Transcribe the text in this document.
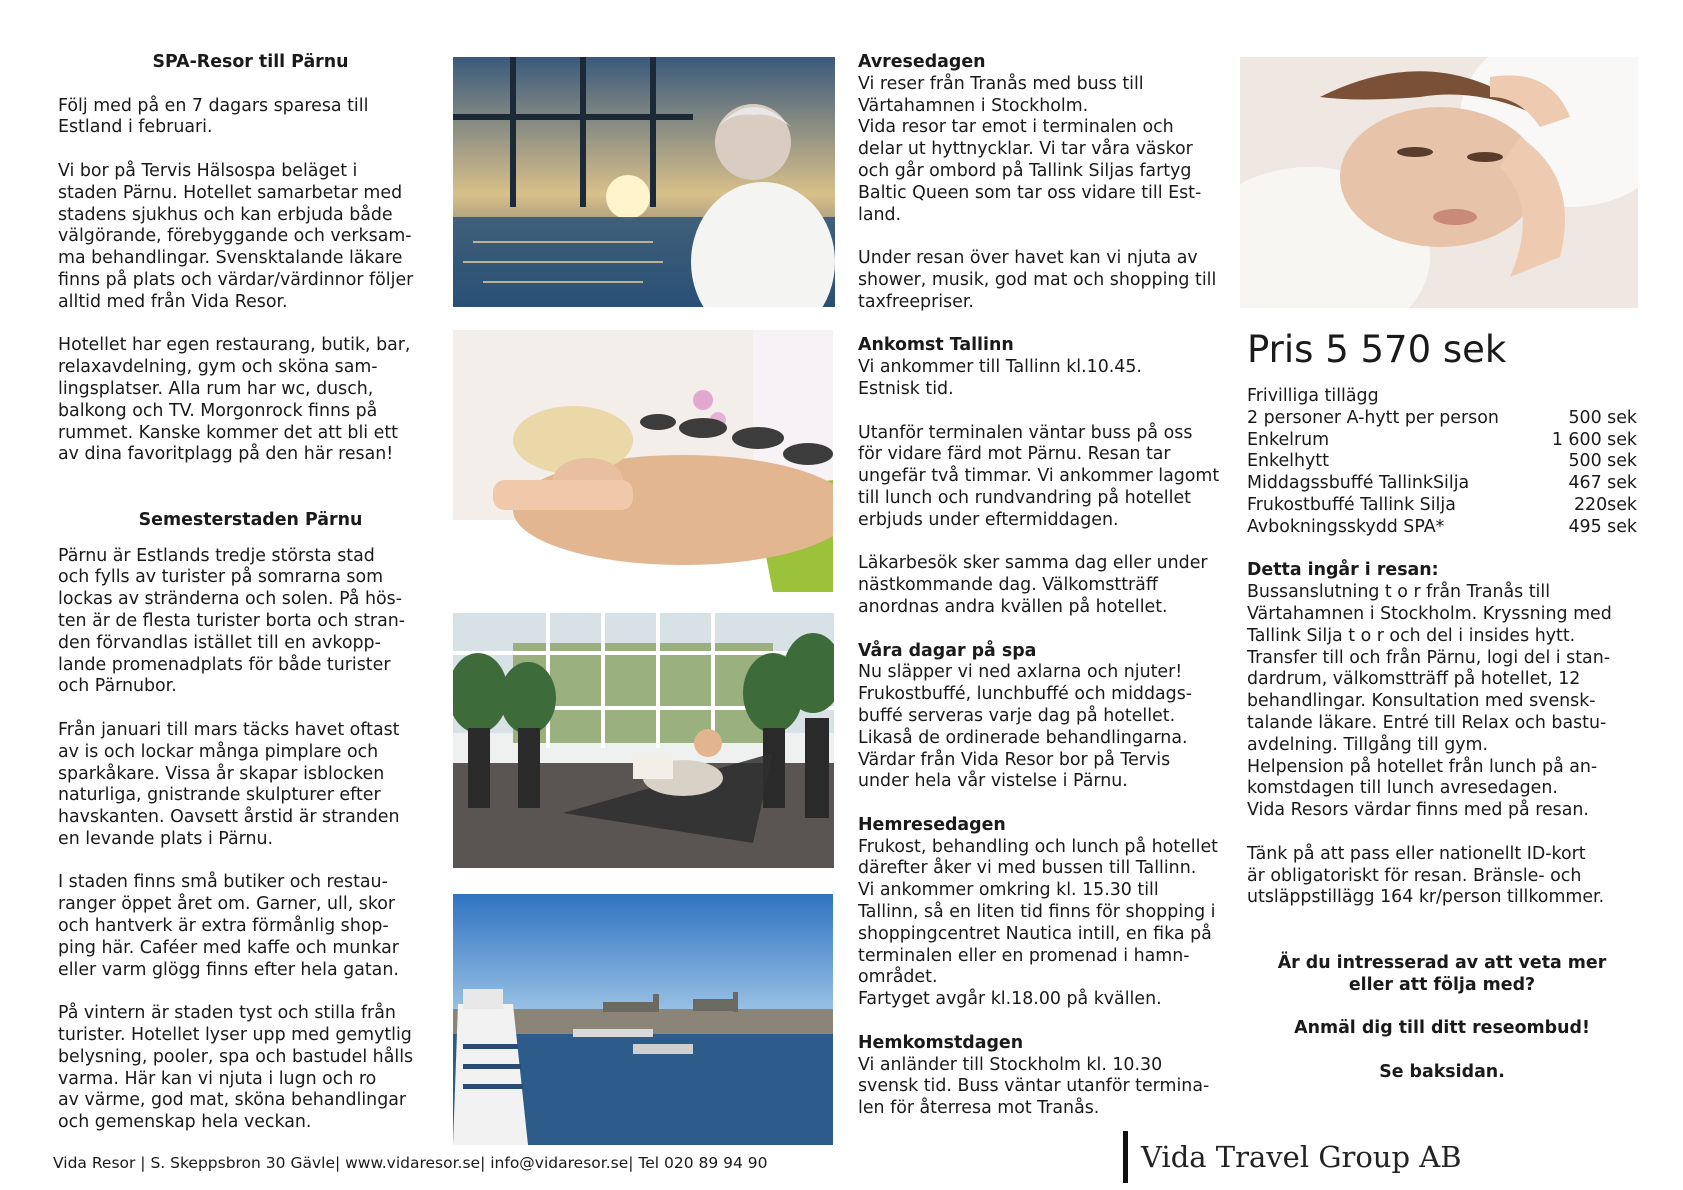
SPA-Resor till Pärnu

Följ med på en 7 dagars sparesa till
Estland i februari.

Vi bor på Tervis Hälsospa beläget i
staden Pärnu. Hotellet samarbetar med
stadens sjukhus och kan erbjuda både
välgörande, förebyggande och verksam-
ma behandlingar. Svensktalande läkare
finns på plats och värdar/värdinnor följer
alltid med från Vida Resor.

Hotellet har egen restaurang, butik, bar,
relaxavdelning, gym och sköna sam-
lingsplatser. Alla rum har wc, dusch,
balkong och TV. Morgonrock finns på
rummet. Kanske kommer det att bli ett
av dina favoritplagg på den här resan!

Semesterstaden Pärnu

Pärnu är Estlands tredje största stad
och fylls av turister på somrarna som
lockas av stränderna och solen. På hös-
ten är de flesta turister borta och stran-
den förvandlas istället till en avkopp-
lande promenadplats för både turister
och Pärnubor.

Från januari till mars täcks havet oftast
av is och lockar många pimplare och
sparkåkare. Vissa år skapar isblocken
naturliga, gnistrande skulpturer efter
havskanten. Oavsett årstid är stranden
en levande plats i Pärnu.

I staden finns små butiker och restau-
ranger öppet året om. Garner, ull, skor
och hantverk är extra förmånlig shop-
ping här. Caféer med kaffe och munkar
eller varm glögg finns efter hela gatan.

På vintern är staden tyst och stilla från
turister. Hotellet lyser upp med gemytlig
belysning, pooler, spa och bastudel hålls
varma. Här kan vi njuta i lugn och ro
av värme, god mat, sköna behandlingar
och gemenskap hela veckan.

Avresedagen

Vi reser från Tranås med buss till
Värtahamnen i Stockholm.
Vida resor tar emot i terminalen och
delar ut hyttnycklar. Vi tar våra väskor
och går ombord på Tallink Siljas fartyg
Baltic Queen som tar oss vidare till Est-
land.

Under resan över havet kan vi njuta av
shower, musik, god mat och shopping till
taxfreepriser.

Ankomst Tallinn

Vi ankommer till Tallinn kl.10.45.
Estnisk tid.

Utanför terminalen väntar buss på oss
för vidare färd mot Pärnu. Resan tar
ungefär två timmar. Vi ankommer lagomt
till lunch och rundvandring på hotellet
erbjuds under eftermiddagen.

Läkarbesök sker samma dag eller under
nästkommande dag. Välkomstträff
anordnas andra kvällen på hotellet.

Våra dagar på spa

Nu släpper vi ned axlarna och njuter!
Frukostbuffé, lunchbuffé och middags-
buffé serveras varje dag på hotellet.
Likaså de ordinerade behandlingarna.
Värdar från Vida Resor bor på Tervis
under hela vår vistelse i Pärnu.

Hemresedagen

Frukost, behandling och lunch på hotellet
därefter åker vi med bussen till Tallinn.
Vi ankommer omkring kl. 15.30 till
Tallinn, så en liten tid finns för shopping i
shoppingcentret Nautica intill, en fika på
terminalen eller en promenad i hamn-
området.
Fartyget avgår kl.18.00 på kvällen.

Hemkomstdagen

Vi anländer till Stockholm kl. 10.30
svensk tid. Buss väntar utanför termina-
len för återresa mot Tranås.

Pris 5 570 sek

Frivilliga tillägg

2 personer A-hytt per person	500 sek
Enkelrum	1 600 sek
Enkelhytt	500 sek
Middagssbuffé TallinkSilja	467 sek
Frukostbuffé Tallink Silja	220sek
Avbokningsskydd SPA*	495 sek

Detta ingår i resan:

Bussanslutning t o r från Tranås till
Värtahamnen i Stockholm. Kryssning med
Tallink Silja t o r och del i insides hytt.
Transfer till och från Pärnu, logi del i stan-
dardrum, välkomstträff på hotellet, 12
behandlingar. Konsultation med svensk-
talande läkare. Entré till Relax och bastu-
avdelning. Tillgång till gym.
Helpension på hotellet från lunch på an-
komstdagen till lunch avresedagen.
Vida Resors värdar finns med på resan.

Tänk på att pass eller nationellt ID-kort
är obligatoriskt för resan. Bränsle- och
utsläppstillägg 164 kr/person tillkommer.

Är du intresserad av att veta mer
eller att följa med?

Anmäl dig till ditt reseombud!

Se baksidan.

Vida Resor | S. Skeppsbron 30 Gävle| www.vidaresor.se| info@vidaresor.se| Tel 020 89 94 90	Vida Travel Group AB
